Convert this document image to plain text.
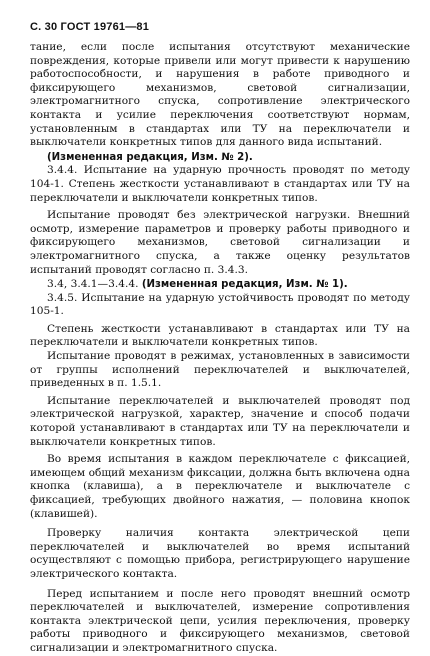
С. 30 ГОСТ 19761—81

тание, если после испытания отсутствуют механические повреждения, которые привели или могут привести к нарушению работоспособности, и нарушения в работе приводного и фиксирующего механизмов, световой сигнализации, электромагнитного спуска, сопротивление электрического контакта и усилие переключения соответствуют нормам, установленным в стандартах или ТУ на переключатели и выключатели конкретных типов для данного вида испытаний.

(Измененная редакция, Изм. № 2).

3.4.4. Испытание на ударную прочность проводят по методу 104-1. Степень жесткости устанавливают в стандартах или ТУ на переключатели и выключатели конкретных типов.

Испытание проводят без электрической нагрузки. Внешний осмотр, измерение параметров и проверку работы приводного и фиксирующего механизмов, световой сигнализации и электромагнитного спуска, а также оценку результатов испытаний проводят согласно п. 3.4.3.

3.4, 3.4.1—3.4.4. (Измененная редакция, Изм. № 1).

3.4.5. Испытание на ударную устойчивость проводят по методу 105-1.

Степень жесткости устанавливают в стандартах или ТУ на переключатели и выключатели конкретных типов.

Испытание проводят в режимах, установленных в зависимости от группы исполнений переключателей и выключателей, приведенных в п. 1.5.1.

Испытание переключателей и выключателей проводят под электрической нагрузкой, характер, значение и способ подачи которой устанавливают в стандартах или ТУ на переключатели и выключатели конкретных типов.

Во время испытания в каждом переключателе с фиксацией, имеющем общий механизм фиксации, должна быть включена одна кнопка (клавиша), а в переключателе и выключателе с фиксацией, требующих двойного нажатия, — половина кнопок (клавишей).

Проверку наличия контакта электрической цепи переключателей и выключателей во время испытаний осуществляют с помощью прибора, регистрирующего нарушение электрического контакта.

Перед испытанием и после него проводят внешний осмотр переключателей и выключателей, измерение сопротивления контакта электрической цепи, усилия переключения, проверку работы приводного и фиксирующего механизмов, световой сигнализации и электромагнитного спуска.
